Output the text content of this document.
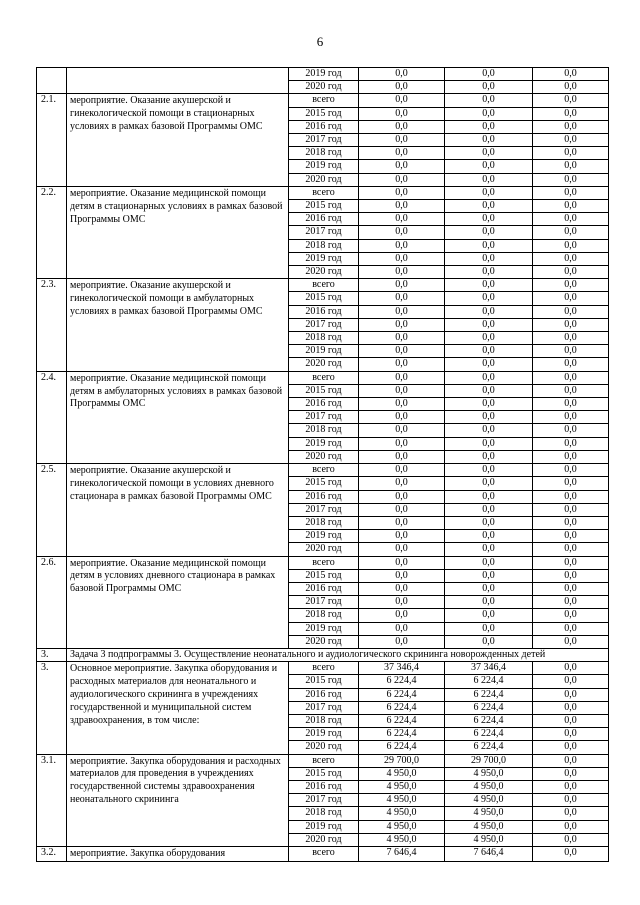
6
		2019 год	0,0	0,0	0,0
		2020 год	0,0	0,0	0,0
2.1.	мероприятие. Оказание акушерской и гинекологической помощи в стационарных условиях в рамках базовой Программы ОМС	всего	0,0	0,0	0,0
		2015 год	0,0	0,0	0,0
		2016 год	0,0	0,0	0,0
		2017 год	0,0	0,0	0,0
		2018 год	0,0	0,0	0,0
		2019 год	0,0	0,0	0,0
		2020 год	0,0	0,0	0,0
2.2.	мероприятие. Оказание медицинской помощи детям в стационарных условиях в рамках базовой Программы ОМС	всего	0,0	0,0	0,0
		2015 год	0,0	0,0	0,0
		2016 год	0,0	0,0	0,0
		2017 год	0,0	0,0	0,0
		2018 год	0,0	0,0	0,0
		2019 год	0,0	0,0	0,0
		2020 год	0,0	0,0	0,0
2.3.	мероприятие. Оказание акушерской и гинекологической помощи в амбулаторных условиях в рамках базовой Программы ОМС	всего	0,0	0,0	0,0
		2015 год	0,0	0,0	0,0
		2016 год	0,0	0,0	0,0
		2017 год	0,0	0,0	0,0
		2018 год	0,0	0,0	0,0
		2019 год	0,0	0,0	0,0
		2020 год	0,0	0,0	0,0
2.4.	мероприятие. Оказание медицинской помощи детям в амбулаторных условиях в рамках базовой Программы ОМС	всего	0,0	0,0	0,0
		2015 год	0,0	0,0	0,0
		2016 год	0,0	0,0	0,0
		2017 год	0,0	0,0	0,0
		2018 год	0,0	0,0	0,0
		2019 год	0,0	0,0	0,0
		2020 год	0,0	0,0	0,0
2.5.	мероприятие. Оказание акушерской и гинекологической помощи в условиях дневного стационара в рамках базовой Программы ОМС	всего	0,0	0,0	0,0
		2015 год	0,0	0,0	0,0
		2016 год	0,0	0,0	0,0
		2017 год	0,0	0,0	0,0
		2018 год	0,0	0,0	0,0
		2019 год	0,0	0,0	0,0
		2020 год	0,0	0,0	0,0
2.6.	мероприятие. Оказание медицинской помощи детям в условиях дневного стационара в рамках базовой Программы ОМС	всего	0,0	0,0	0,0
		2015 год	0,0	0,0	0,0
		2016 год	0,0	0,0	0,0
		2017 год	0,0	0,0	0,0
		2018 год	0,0	0,0	0,0
		2019 год	0,0	0,0	0,0
		2020 год	0,0	0,0	0,0
3.	Задача 3 подпрограммы 3. Осуществление неонатального и аудиологического скрининга новорожденных детей				
3.	Основное мероприятие. Закупка оборудования и расходных материалов для неонатального и аудиологического скрининга в учреждениях государственной и муниципальной систем здравоохранения, в том числе:	всего	37 346,4	37 346,4	0,0
		2015 год	6 224,4	6 224,4	0,0
		2016 год	6 224,4	6 224,4	0,0
		2017 год	6 224,4	6 224,4	0,0
		2018 год	6 224,4	6 224,4	0,0
		2019 год	6 224,4	6 224,4	0,0
		2020 год	6 224,4	6 224,4	0,0
3.1.	мероприятие. Закупка оборудования и расходных материалов для проведения в учреждениях государственной системы здравоохранения неонатального скрининга	всего	29 700,0	29 700,0	0,0
		2015 год	4 950,0	4 950,0	0,0
		2016 год	4 950,0	4 950,0	0,0
		2017 год	4 950,0	4 950,0	0,0
		2018 год	4 950,0	4 950,0	0,0
		2019 год	4 950,0	4 950,0	0,0
		2020 год	4 950,0	4 950,0	0,0
3.2.	мероприятие. Закупка оборудования	всего	7 646,4	7 646,4	0,0
